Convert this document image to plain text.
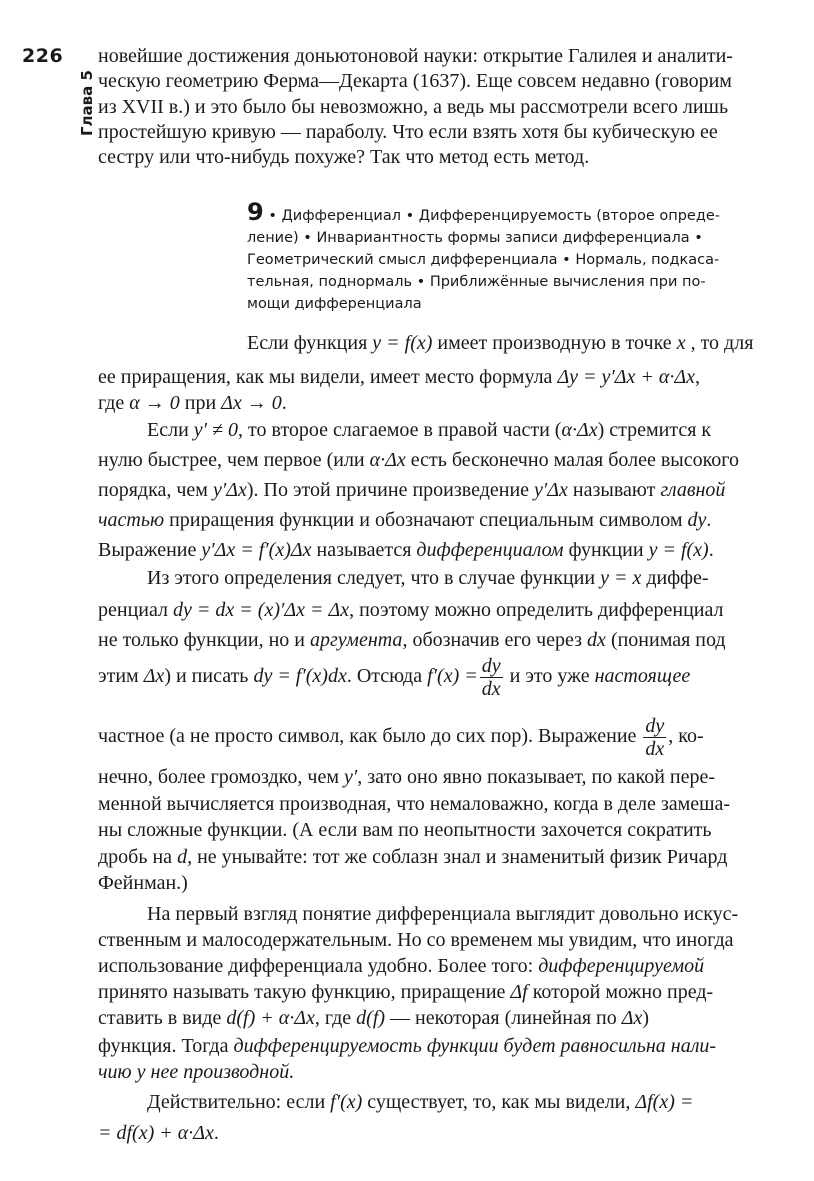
226
Глава 5
новейшие достижения доньютоновой науки: открытие Галилея и аналити-
ческую геометрию Ферма—Декарта (1637). Еще совсем недавно (говорим
из XVII в.) и это было бы невозможно, а ведь мы рассмотрели всего лишь
простейшую кривую — параболу. Что если взять хотя бы кубическую ее
сестру или что-нибудь похуже? Так что метод есть метод.
9 • Дифференциал • Дифференцируемость (второе опреде-
ление) • Инвариантность формы записи дифференциала •
Геометрический смысл дифференциала • Нормаль, подкаса-
тельная, поднормаль • Приближённые вычисления при по-
мощи дифференциала
Если функция y = f(x) имеет производную в точке x , то для
ее приращения, как мы видели, имеет место формула Δy = y′Δx + α·Δx,
где α → 0 при Δx → 0.
Если y′ ≠ 0, то второе слагаемое в правой части (α·Δx) стремится к
нулю быстрее, чем первое (или α·Δx есть бесконечно малая более высокого
порядка, чем y′Δx). По этой причине произведение y′Δx называют главной
частью приращения функции и обозначают специальным символом dy.
Выражение y′Δx = f′(x)Δx называется дифференциалом функции y = f(x).
Из этого определения следует, что в случае функции y = x диффе-
ренциал dy = dx = (x)′Δx = Δx, поэтому можно определить дифференциал
не только функции, но и аргумента, обозначив его через dx (понимая под
этим Δx) и писать dy = f′(x)dx. Отсюда $f'(x) = \frac{dy}{dx}$ и это уже настоящее
частное (а не просто символ, как было до сих пор). Выражение $\frac{dy}{dx}$ , ко-
нечно, более громоздко, чем y′, зато оно явно показывает, по какой пере-
менной вычисляется производная, что немаловажно, когда в деле замеша-
ны сложные функции. (А если вам по неопытности захочется сократить
дробь на d, не унывайте: тот же соблазн знал и знаменитый физик Ричард
Фейнман.)
На первый взгляд понятие дифференциала выглядит довольно искус-
ственным и малосодержательным. Но со временем мы увидим, что иногда
использование дифференциала удобно. Более того: дифференцируемой
принято называть такую функцию, приращение Δf которой можно пред-
ставить в виде d(f) + α·Δx, где d(f) — некоторая (линейная по Δx)
функция. Тогда дифференцируемость функции будет равносильна нали-
чию у нее производной.
Действительно: если f′(x) существует, то, как мы видели, Δf(x) =
= df(x) + α·Δx.
